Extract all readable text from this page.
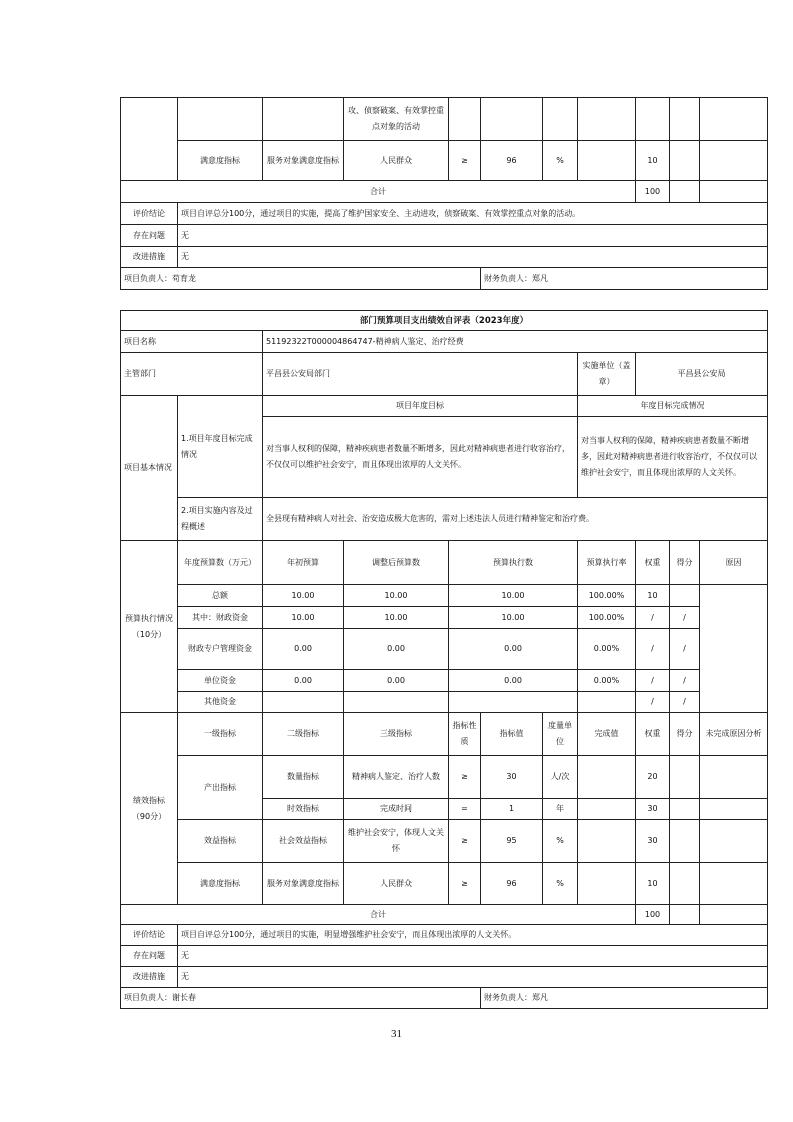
			攻、侦察破案、有效掌控重点对象的活动							
	满意度指标	服务对象满意度指标	人民群众	≥	96	%		10		
合计								100		
评价结论	项目自评总分100分，通过项目的实施，提高了维护国家安全、主动进攻，侦察破案、有效掌控重点对象的活动。									
存在问题	无									
改进措施	无									
项目负责人：苟育龙					财务负责人：郑凡					
部门预算项目支出绩效自评表（2023年度）										
项目名称		51192322T000004864747-精神病人鉴定、治疗经费								
主管部门		平昌县公安局部门					实施单位（盖章）	平昌县公安局		
项目基本情况	1.项目年度目标完成情况	项目年度目标					年度目标完成情况			
		对当事人权利的保障，精神疾病患者数量不断增多，因此对精神病患者进行收容治疗，不仅仅可以维护社会安宁，而且体现出浓厚的人文关怀。					对当事人权利的保障，精神疾病患者数量不断增多，因此对精神病患者进行收容治疗，不仅仅可以维护社会安宁，而且体现出浓厚的人文关怀。			
	2.项目实施内容及过程概述	全县现有精神病人对社会、治安造成极大危害的，需对上述违法人员进行精神鉴定和治疗费。								
预算执行情况（10分）	年度预算数（万元）	年初预算	调整后预算数	预算执行数			预算执行率	权重	得分	原因
	总额	10.00	10.00	10.00			100.00%	10		
	其中：财政资金	10.00	10.00	10.00			100.00%	/	/	
	财政专户管理资金	0.00	0.00	0.00			0.00%	/	/	
	单位资金	0.00	0.00	0.00			0.00%	/	/	
	其他资金							/	/	
绩效指标（90分）	一级指标	二级指标	三级指标	指标性质	指标值	度量单位	完成值	权重	得分	未完成原因分析
	产出指标	数量指标	精神病人鉴定、治疗人数	≥	30	人/次		20		
		时效指标	完成时间	=	1	年		30		
	效益指标	社会效益指标	维护社会安宁，体现人文关怀	≥	95	%		30		
	满意度指标	服务对象满意度指标	人民群众	≥	96	%		10		
合计								100		
评价结论	项目自评总分100分，通过项目的实施，明显增强维护社会安宁，而且体现出浓厚的人文关怀。									
存在问题	无									
改进措施	无									
项目负责人：谢长春					财务负责人：郑凡					
31
